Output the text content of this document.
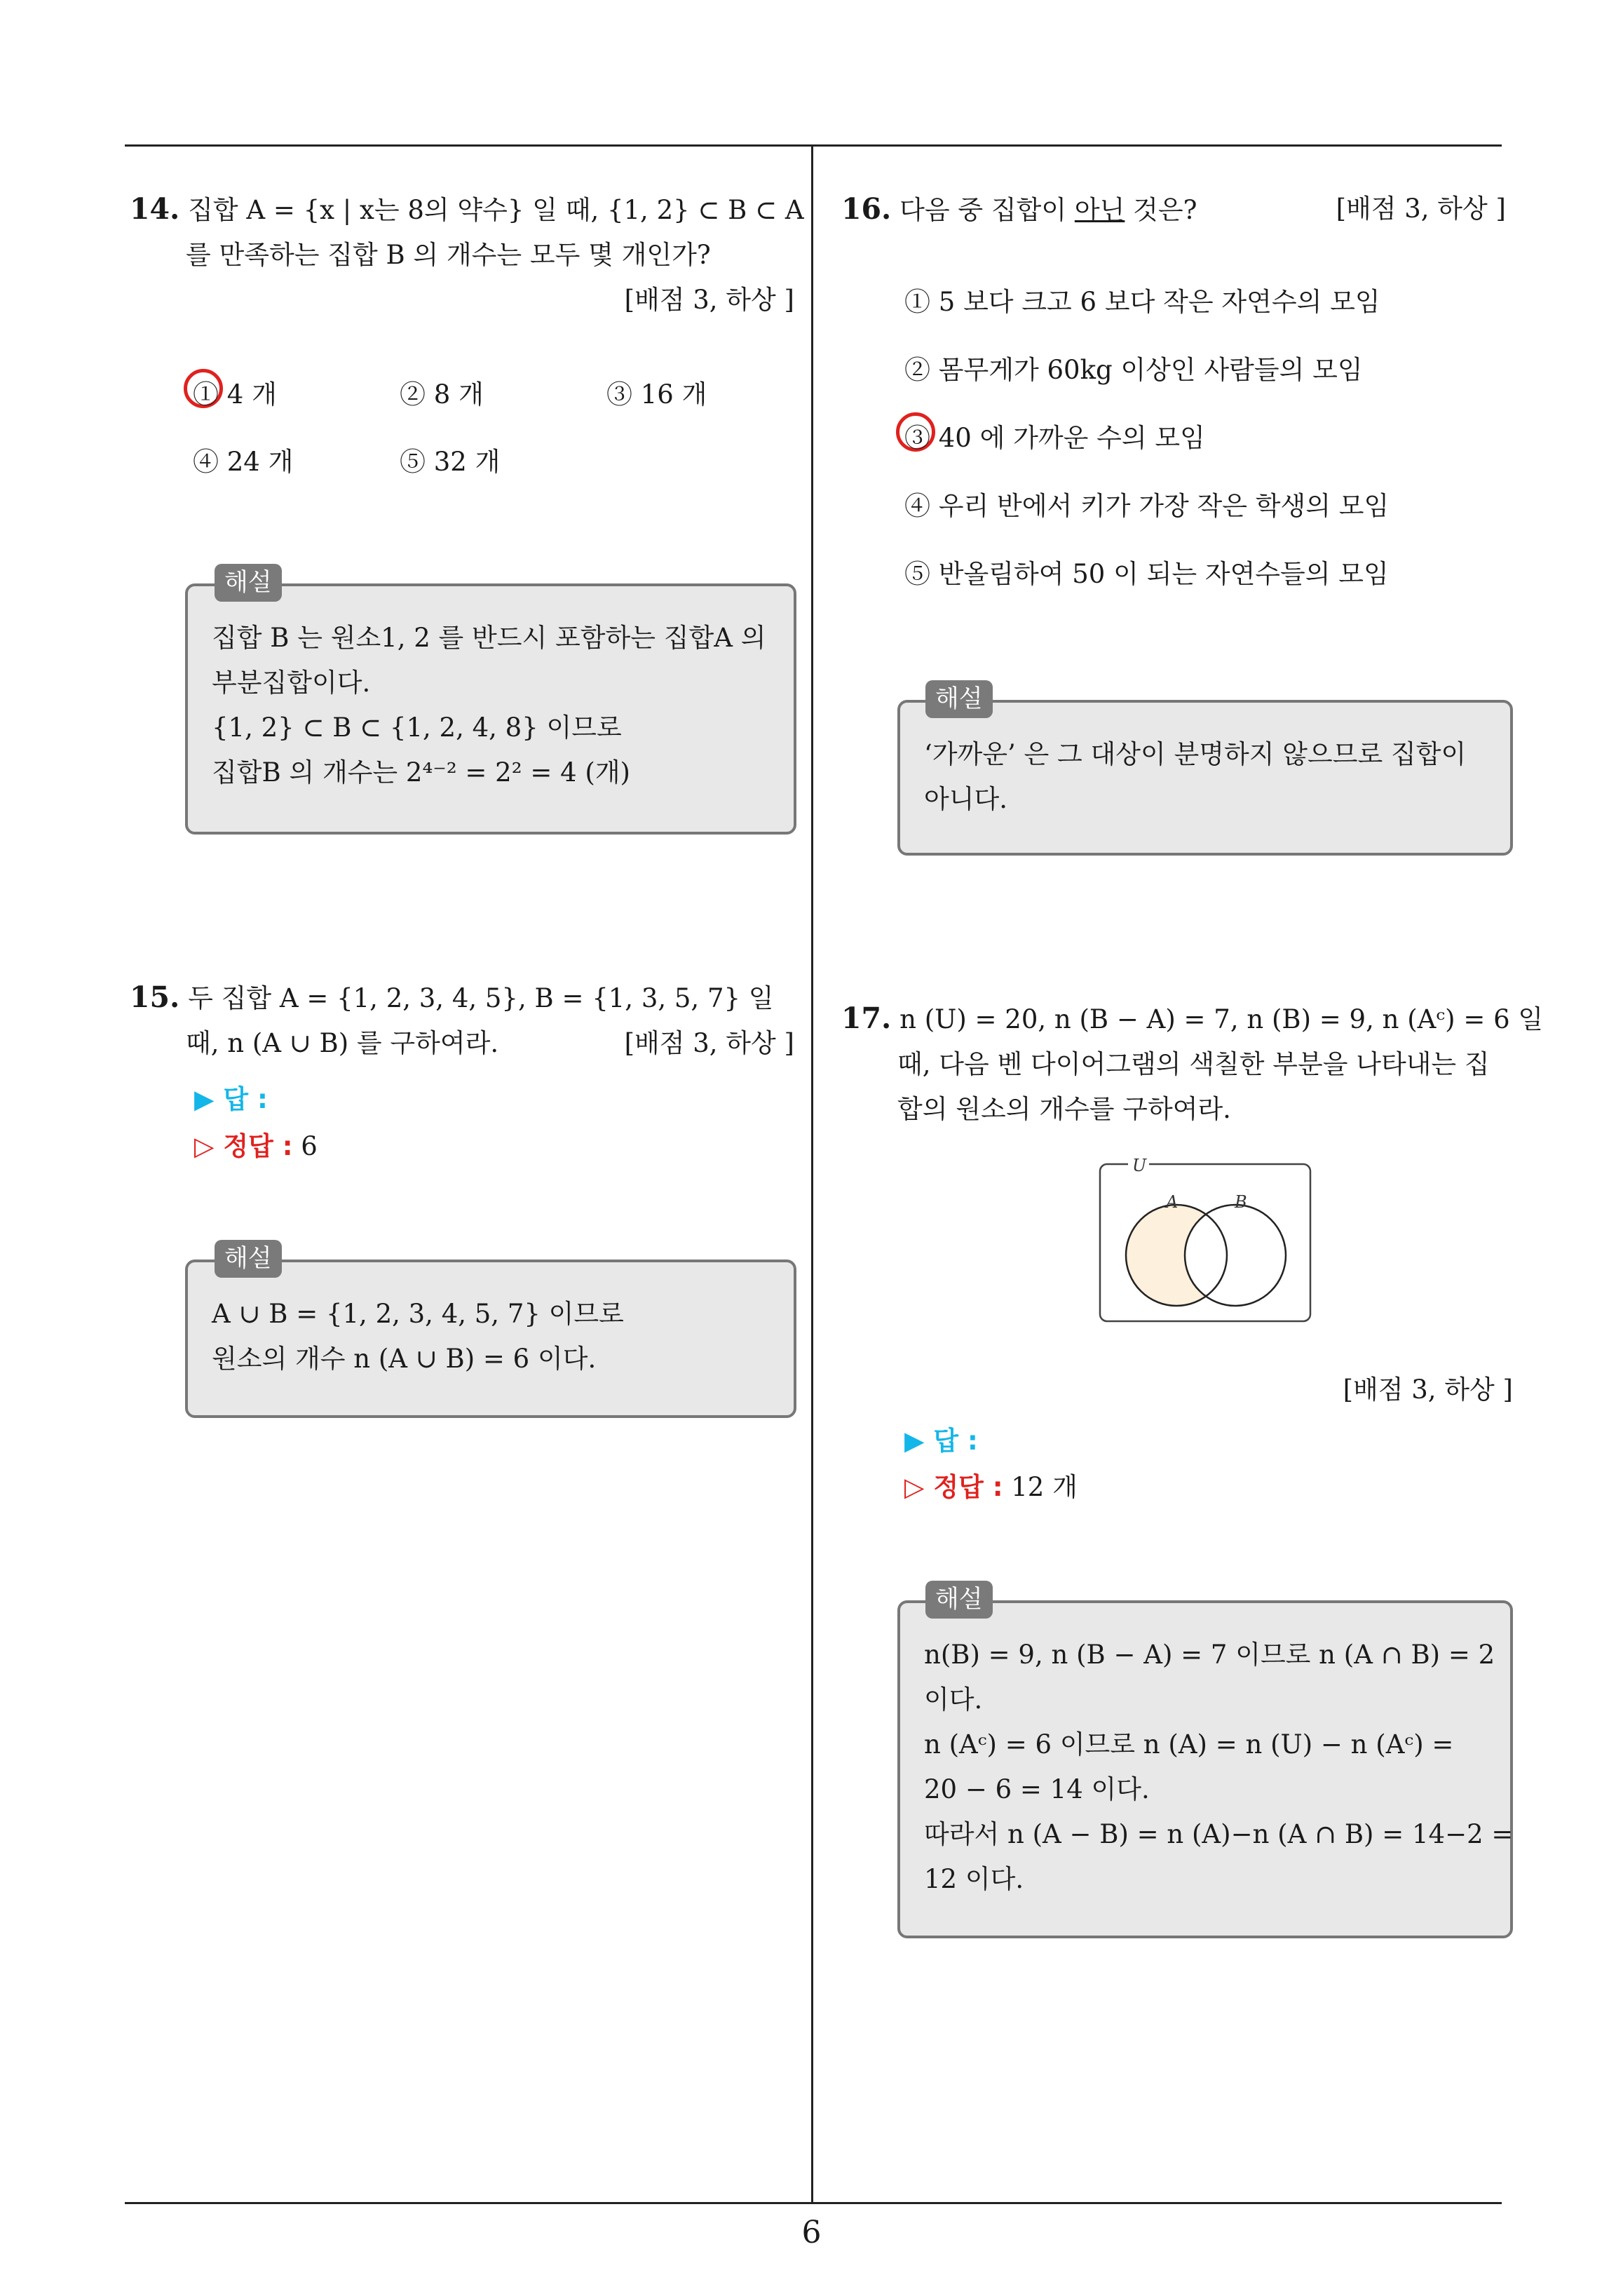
14. 집합 A = {x | x는 8의 약수} 일 때, {1, 2} ⊂ B ⊂ A
를 만족하는 집합 B 의 개수는 모두 몇 개인가?
[배점 3, 하상 ]
① 4 개	② 8 개	③ 16 개
④ 24 개	⑤ 32 개
집합 B 는 원소1, 2 를 반드시 포함하는 집합A 의
부분집합이다.
{1, 2} ⊂ B ⊂ {1, 2, 4, 8} 이므로
집합B 의 개수는 2⁴⁻² = 2² = 4 (개)
해설
15. 두 집합 A = {1, 2, 3, 4, 5}, B = {1, 3, 5, 7} 일
때, n (A ∪ B) 를 구하여라.	[배점 3, 하상 ]
▶ 답 :
▷ 정답 : 6
A ∪ B = {1, 2, 3, 4, 5, 7} 이므로
원소의 개수 n (A ∪ B) = 6 이다.
해설
16. 다음 중 집합이 아닌 것은?	[배점 3, 하상 ]
① 5 보다 크고 6 보다 작은 자연수의 모임
② 몸무게가 60kg 이상인 사람들의 모임
③ 40 에 가까운 수의 모임
④ 우리 반에서 키가 가장 작은 학생의 모임
⑤ 반올림하여 50 이 되는 자연수들의 모임
‘가까운’ 은 그 대상이 분명하지 않으므로 집합이
아니다.
해설
17. n (U) = 20, n (B − A) = 7, n (B) = 9, n (Aᶜ) = 6 일
때, 다음 벤 다이어그램의 색칠한 부분을 나타내는 집
합의 원소의 개수를 구하여라.
U
A	B
[배점 3, 하상 ]
▶ 답 :
▷ 정답 : 12 개
n(B) = 9, n (B − A) = 7 이므로 n (A ∩ B) = 2
이다.
n (Aᶜ) = 6 이므로 n (A) = n (U) − n (Aᶜ) =
20 − 6 = 14 이다.
따라서 n (A − B) = n (A)−n (A ∩ B) = 14−2 =
12 이다.
해설
6
